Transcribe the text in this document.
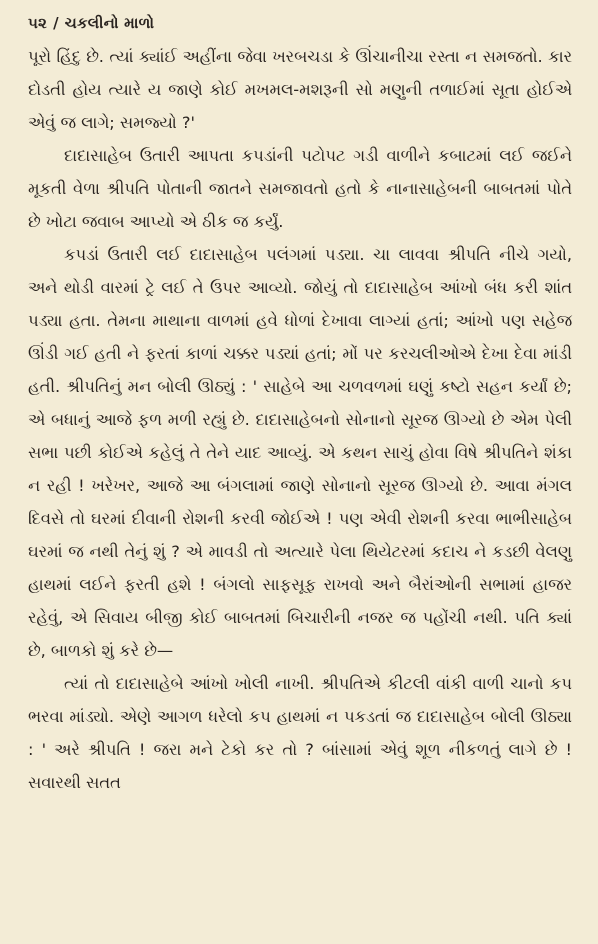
૫૨ / ચકલીનો માળો

પૂરો હિંદુ છે. ત્યાં ક્યાંઈ અહીંના જેવા ખરબચડા કે ઊંચાનીચા રસ્તા ન સમજતો. કાર દોડતી હોય ત્યારે ય જાણે કોઈ મખમલ-મશરૂની સો મણુની તળાઈમાં સૂતા હોઈએ એવું જ લાગે; સમજ્યો ?'

દાદાસાહેબ ઉતારી આપતા કપડાંની પટોપટ ગડી વાળીને કબાટમાં લઈ જઈને મૂકતી વેળા શ્રીપતિ પોતાની જાતને સમજાવતો હતો કે નાનાસાહેબની બાબતમાં પોતે છે ખોટા જવાબ આપ્યો એ ઠીક જ કર્યું.

કપડાં ઉતારી લઈ દાદાસાહેબ પલંગમાં પડ્યા. ચા લાવવા શ્રીપતિ નીચે ગયો, અને થોડી વારમાં ટ્રે લઈ તે ઉપર આવ્યો. જોયું તો દાદાસાહેબ આંખો બંધ કરી શાંત પડ્યા હતા. તેમના માથાના વાળમાં હવે ધોળાં દેખાવા લાગ્યાં હતાં; આંખો પણ સહેજ ઊંડી ગઈ હતી ને ફરતાં કાળાં ચક્કર પડ્યાં હતાં; મોં પર કરચલીઓએ દેખા દેવા માંડી હતી. શ્રીપતિનું મન બોલી ઊઠ્યું : ' સાહેબે આ ચળવળમાં ઘણું કષ્ટો સહન કર્યાં છે; એ બધાનું આજે ફળ મળી રહ્યું છે. દાદાસાહેબનો સોનાનો સૂરજ ઊગ્યો છે એમ પેલી સભા પછી કોઈએ કહેલું તે તેને યાદ આવ્યું. એ કથન સાચું હોવા વિષે શ્રીપતિને શંકા ન રહી ! ખરેખર, આજે આ બંગલામાં જાણે સોનાનો સૂરજ ઊગ્યો છે. આવા મંગલ દિવસે તો ઘરમાં દીવાની રોશની કરવી જોઈએ ! પણ એવી રોશની કરવા ભાભીસાહેબ ઘરમાં જ નથી તેનું શું ? એ માવડી તો અત્યારે પેલા થિયેટરમાં કદાચ ને કડછી વેલણુ હાથમાં લઈને ફરતી હશે ! બંગલો સાફસૂફ રાખવો અને બૈરાંઓની સભામાં હાજર રહેવું, એ સિવાય બીજી કોઈ બાબતમાં બિચારીની નજર જ પહોંચી નથી. પતિ ક્યાં છે, બાળકો શું કરે છે—

ત્યાં તો દાદાસાહેબે આંખો ખોલી નાખી. શ્રીપતિએ કીટલી વાંકી વાળી ચાનો કપ ભરવા માંડ્યો. એણે આગળ ધરેલો કપ હાથમાં ન પકડતાં જ દાદાસાહેબ બોલી ઊઠ્યા : ' અરે શ્રીપતિ ! જરા મને ટેકો કર તો ? બાંસામાં એવું શૂળ નીકળતું લાગે છે ! સવારથી સતત
